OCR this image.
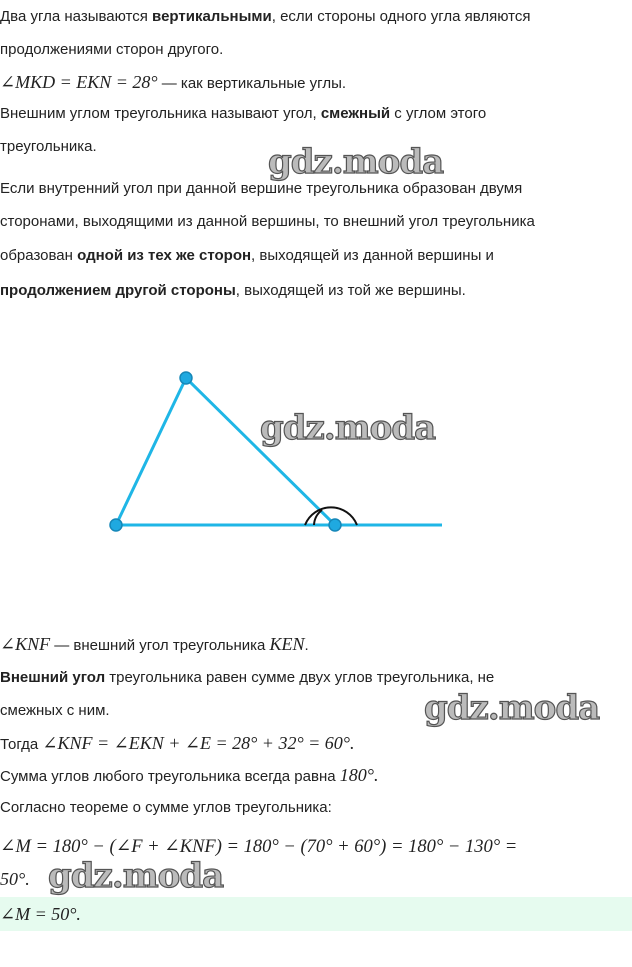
Два угла называются вертикальными, если стороны одного угла являются
продолжениями сторон другого.
∠MKD = EKN = 28° — как вертикальные углы.
Внешним углом треугольника называют угол, смежный с углом этого
треугольника.
Если внутренний угол при данной вершине треугольника образован двумя
сторонами, выходящими из данной вершины, то внешний угол треугольника
образован одной из тех же сторон, выходящей из данной вершины и
продолжением другой стороны, выходящей из той же вершины.
∠KNF — внешний угол треугольника KEN.
Внешний угол треугольника равен сумме двух углов треугольника, не
смежных с ним.
Тогда ∠KNF = ∠EKN + ∠E = 28° + 32° = 60°.
Сумма углов любого треугольника всегда равна 180°.
Согласно теореме о сумме углов треугольника:
∠M = 180° − (∠F + ∠KNF) = 180° − (70° + 60°) = 180° − 130° =
50°.
∠M = 50°.
gdz.moda
gdz.moda
gdz.moda
gdz.moda
